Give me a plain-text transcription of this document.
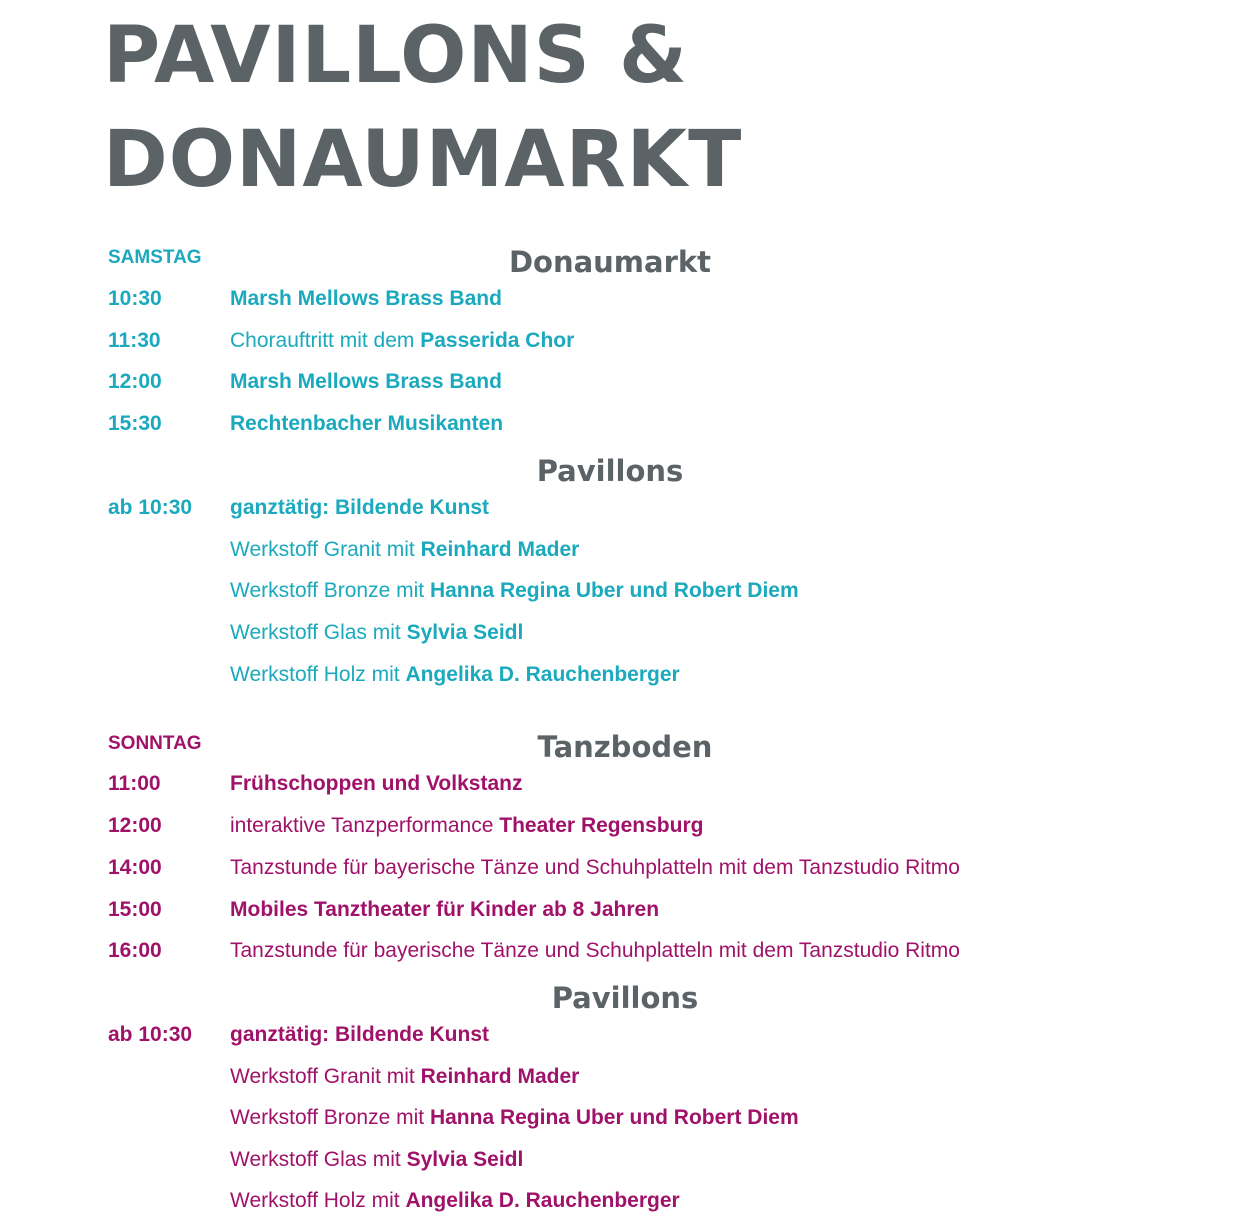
PAVILLONS &
DONAUMARKT
SAMSTAG	Donaumarkt
10:30	Marsh Mellows Brass Band
11:30	Chorauftritt mit dem Passerida Chor
12:00	Marsh Mellows Brass Band
15:30	Rechtenbacher Musikanten
Pavillons
ab 10:30 ganztätig: Bildende Kunst
Werkstoff Granit mit Reinhard Mader
Werkstoff Bronze mit Hanna Regina Uber und Robert Diem
Werkstoff Glas mit Sylvia Seidl
Werkstoff Holz mit Angelika D. Rauchenberger
SONNTAG	Tanzboden
11:00	Frühschoppen und Volkstanz
12:00	interaktive Tanzperformance Theater Regensburg
14:00	Tanzstunde für bayerische Tänze und Schuhplatteln mit dem Tanzstudio Ritmo
15:00	Mobiles Tanztheater für Kinder ab 8 Jahren
16:00	Tanzstunde für bayerische Tänze und Schuhplatteln mit dem Tanzstudio Ritmo
Pavillons
ab 10:30 ganztätig: Bildende Kunst
Werkstoff Granit mit Reinhard Mader
Werkstoff Bronze mit Hanna Regina Uber und Robert Diem
Werkstoff Glas mit Sylvia Seidl
Werkstoff Holz mit Angelika D. Rauchenberger
